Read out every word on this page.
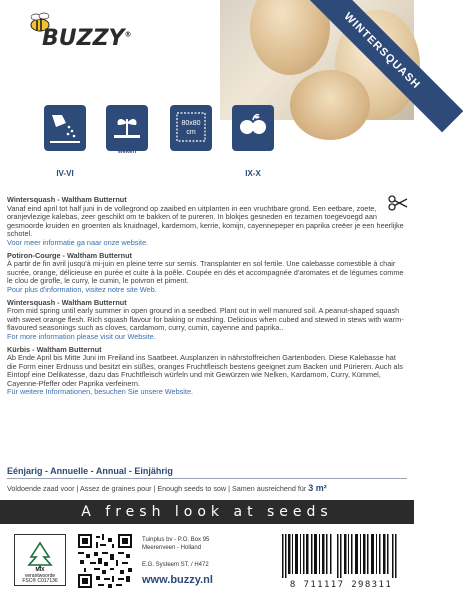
WINTERSQUASH
BUZZY®
IV-VI
3-4
weken
80x80
cm
IX-X
Wintersquash - Waltham Butternut
Vanaf eind april tot half juni in de vollegrond op zaaibed en uitplanten in een vruchtbare grond. Een eetbare, zoete, oranjevlezige kalebas, zeer geschikt om te bakken of te pureren. In blokjes gesneden en tezamen toegevoegd aan gesmoorde kruiden en groenten als kruidnagel, kardemom, kerrie, komijn, cayennepeper en paprika creëer je een heerlijke schotel.
Voor meer informatie ga naar onze website.
Potiron-Courge - Waltham Butternut
À partir de fin avril jusqu'à mi-juin en pleine terre sur semis. Transplanter en sol fertile. Une calebasse comestible à chair sucrée, orange, délicieuse en purée et cuite à la poêle. Coupée en dés et accompagnée d'aromates et de légumes comme le clou de girofle, le curry, le cumin, le poivron et piment.
Pour plus d'information, visitez notre site Web.
Wintersquash - Waltham Butternut
From mid spring until early summer in open ground in a seedbed. Plant out in well manured soil. A peanut-shaped squash with sweet orange flesh. Rich squash flavour for baking or mashing. Delicious when cubed and stewed in stews with warm-flavoured seasonings such as cloves, cardamom, curry, cumin, cayenne and paprika..
For more information please visit our Website.
Kürbis - Waltham Butternut
Ab Ende April bis Mitte Juni im Freiland ins Saatbeet. Ausplanzen in nährstoffreichen Gartenboden. Diese Kalebasse hat die Form einer Erdnuss und besitzt ein süßes, oranges Fruchtfleisch bestens geeignet zum Backen und Pürieren. Auch als Eintopf eine Delikatesse, dazu das Fruchtfleisch würfeln und mit Gewürzen wie Nelken, Kardamom, Curry, Kümmel, Cayenne-Pfeffer oder Paprika verfeinern.
Für weitere Informationen, besuchen Sie unsere Website.
Eénjarig - Annuelle - Annual - Einjährig
Voldoende zaad voor | Assez de graines pour | Enough seeds to sow | Samen ausreichend für 3 m²
A fresh look at seeds
MIX
verantwoorde
FSC® C017136
Tuinplus bv - P.O. Box 95
Meerenveen - Holland
E.G. Systeem ST. / H472
www.buzzy.nl	8 711117 298311
